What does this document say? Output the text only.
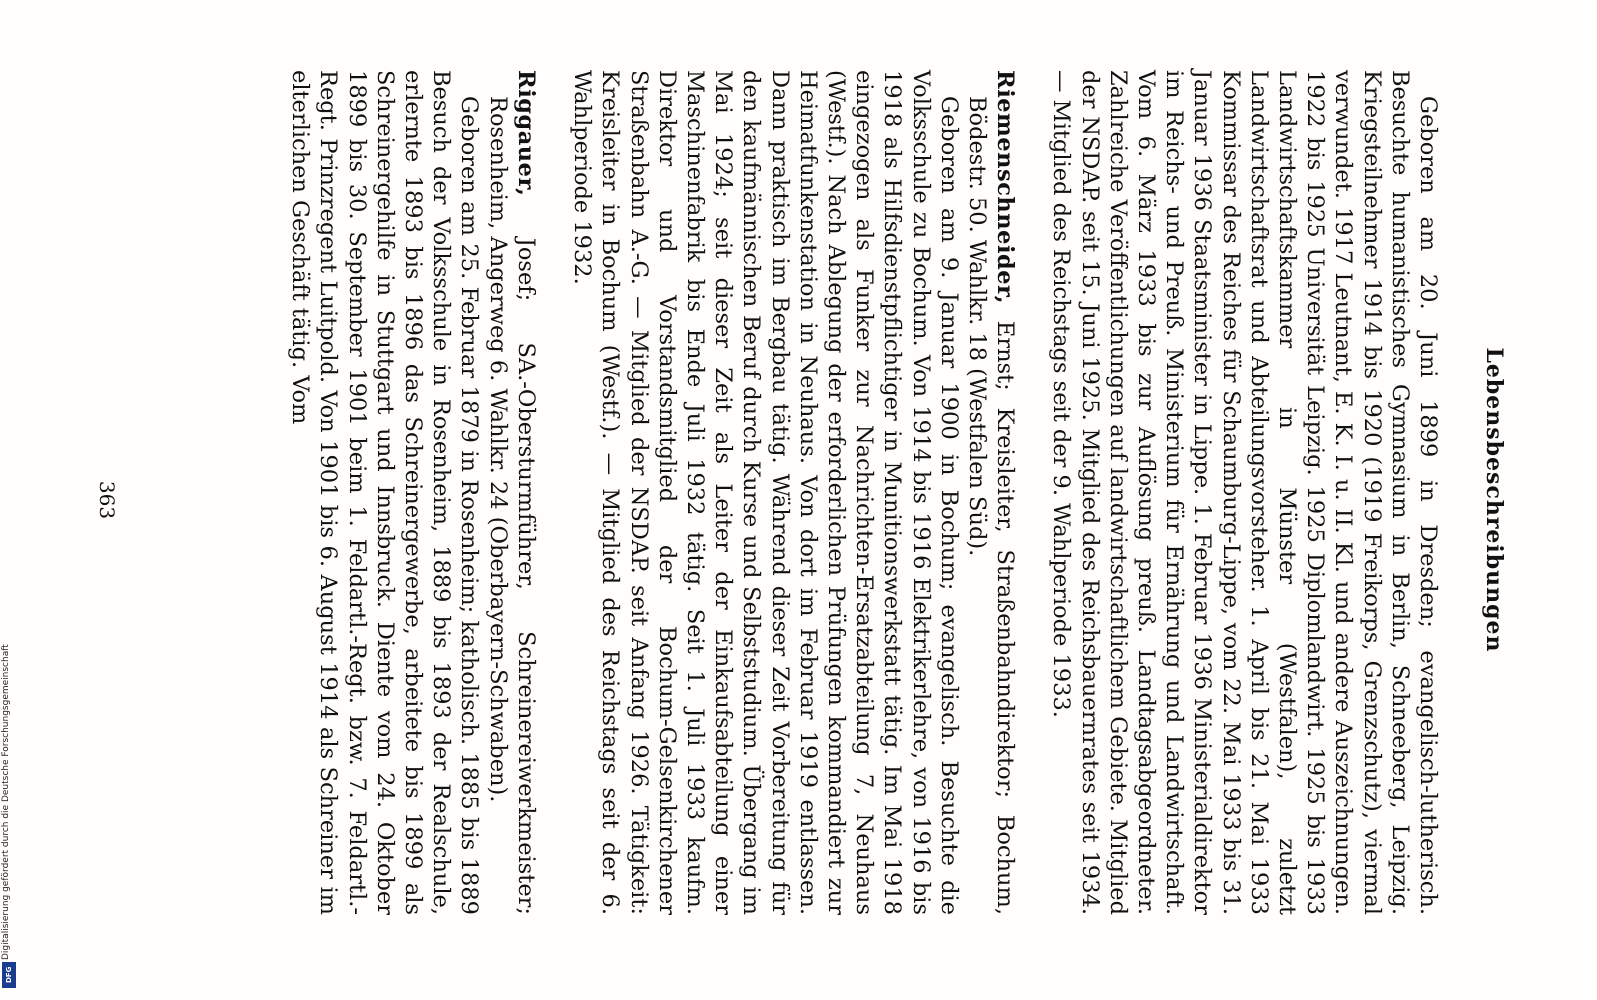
Lebensbeschreibungen

Geboren am 20. Juni 1899 in Dresden; evangelisch-lutherisch. Besuchte humanistisches Gymnasium in Berlin, Schneeberg, Leipzig. Kriegsteilnehmer 1914 bis 1920 (1919 Freikorps, Grenzschutz), viermal verwundet. 1917 Leutnant, E. K. I. u. II. Kl. und andere Auszeichnungen. 1922 bis 1925 Universität Leipzig. 1925 Diplomlandwirt. 1925 bis 1933 Landwirtschaftskammer in Münster (Westfalen), zuletzt Landwirtschaftsrat und Abteilungsvorsteher. 1. April bis 21. Mai 1933 Kommissar des Reiches für Schaumburg-Lippe, vom 22. Mai 1933 bis 31. Januar 1936 Staatsminister in Lippe. 1. Februar 1936 Ministerialdirektor im Reichs- und Preuß. Ministerium für Ernährung und Landwirtschaft. Vom 6. März 1933 bis zur Auflösung preuß. Landtagsabgeordneter. Zahlreiche Veröffentlichungen auf landwirtschaftlichem Gebiete. Mitglied der NSDAP. seit 15. Juni 1925. Mitglied des Reichsbauernrates seit 1934. — Mitglied des Reichstags seit der 9. Wahlperiode 1933.

Riemenschneider, Ernst; Kreisleiter, Straßenbahndirektor; Bochum, Bödestr. 50. Wahlkr. 18 (Westfalen Süd).

Geboren am 9. Januar 1900 in Bochum; evangelisch. Besuchte die Volksschule zu Bochum. Von 1914 bis 1916 Elektrikerlehre, von 1916 bis 1918 als Hilfsdienstpflichtiger in Munitionswerkstatt tätig. Im Mai 1918 eingezogen als Funker zur Nachrichten-Ersatzabteilung 7, Neuhaus (Westf.). Nach Ablegung der erforderlichen Prüfungen kommandiert zur Heimatfunkenstation in Neuhaus. Von dort im Februar 1919 entlassen. Dann praktisch im Bergbau tätig. Während dieser Zeit Vorbereitung für den kaufmännischen Beruf durch Kurse und Selbststudium. Übergang im Mai 1924; seit dieser Zeit als Leiter der Einkaufsabteilung einer Maschinenfabrik bis Ende Juli 1932 tätig. Seit 1. Juli 1933 kaufm. Direktor und Vorstandsmitglied der Bochum-Gelsenkirchener Straßenbahn A.-G. — Mitglied der NSDAP. seit Anfang 1926. Tätigkeit: Kreisleiter in Bochum (Westf.). — Mitglied des Reichstags seit der 6. Wahlperiode 1932.

Riggauer, Josef; SA.-Obersturmführer, Schreinereiwerkmeister; Rosenheim, Angerweg 6. Wahlkr. 24 (Oberbayern-Schwaben).

Geboren am 25. Februar 1879 in Rosenheim; katholisch. 1885 bis 1889 Besuch der Volksschule in Rosenheim, 1889 bis 1893 der Realschule, erlernte 1893 bis 1896 das Schreinergewerbe, arbeitete bis 1899 als Schreinergehilfe in Stuttgart und Innsbruck. Diente vom 24. Oktober 1899 bis 30. September 1901 beim 1. Feldartl.-Regt. bzw. 7. Feldartl.-Regt. Prinzregent Luitpold. Von 1901 bis 6. August 1914 als Schreiner im elterlichen Geschäft tätig. Vom

363
Digitalisierung gefördert durch die Deutsche Forschungsgemeinschaft
DFG
